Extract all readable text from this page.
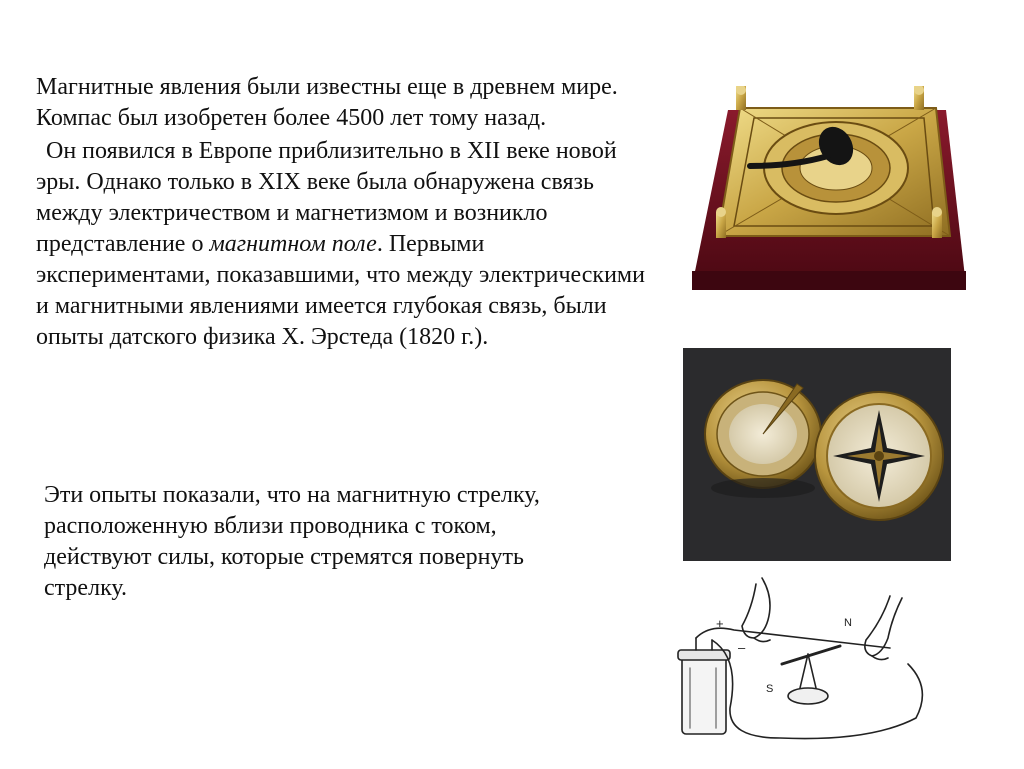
Магнитные явления были известны еще в древнем мире. Компас был изобретен более 4500 лет тому назад.

Он появился в Европе приблизительно в XII веке новой эры. Однако только в XIX веке была обнаружена связь между электричеством и магнетизмом и возникло представление о магнитном поле. Первыми экспериментами, показавшими, что между электрическими и магнитными явлениями имеется глубокая связь, были опыты датского физика Х. Эрстеда (1820 г.).

Эти опыты показали, что на магнитную стрелку, расположенную вблизи проводника с током, действуют силы, которые стремятся повернуть стрелку.

+
–
N
S
